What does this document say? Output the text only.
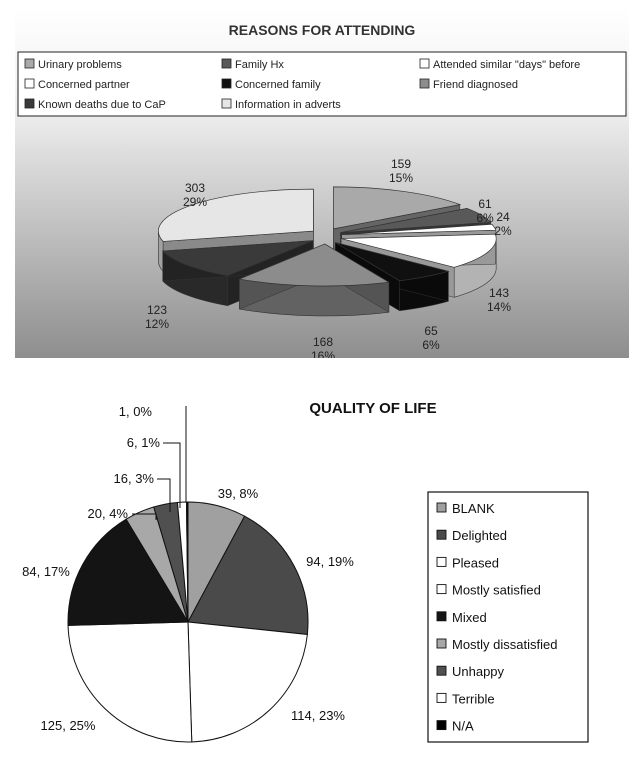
REASONS FOR ATTENDING
Urinary problems	Family Hx	Attended similar "days" before
Concerned partner	Concerned family	Friend diagnosed
Known deaths due to CaP	Information in adverts
159
15%
61
6% 24
2%
143
14%
65
6%
168
16%
123
12%
303
29%
QUALITY OF LIFE
39, 8%
94, 19%
114, 23%
125, 25%
84, 17%
20, 4%
16, 3%
6, 1%
1, 0%
BLANK
Delighted
Pleased
Mostly satisfied
Mixed
Mostly dissatisfied
Unhappy
Terrible
N/A
